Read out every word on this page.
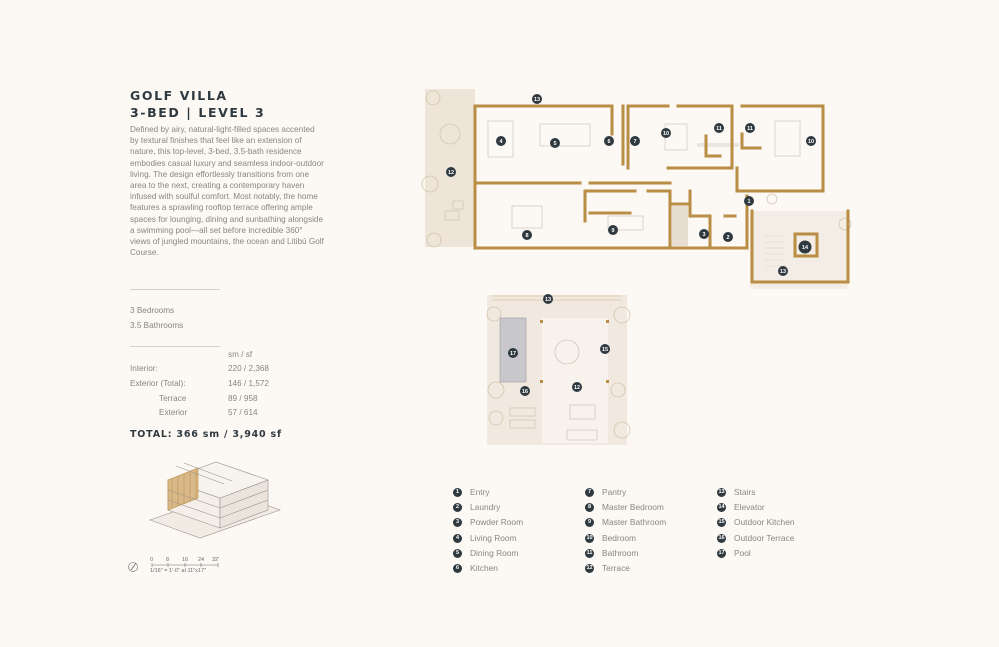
GOLF VILLA
3-BED | LEVEL 3
Defined by airy, natural-light-filled spaces accented by textural finishes that feel like an extension of nature, this top-level, 3-bed, 3.5-bath residence embodies casual luxury and seamless indoor-outdoor living. The design effortlessly transitions from one area to the next, creating a contemporary haven infused with soulful comfort. Most notably, the home features a sprawling rooftop terrace offering ample spaces for lounging, dining and sunbathing alongside a swimming pool—all set before incredible 360° views of jungled mountains, the ocean and Litibú Golf Course.
3 Bedrooms
3.5 Bathrooms
sm / sf
Interior:	220 / 2,368
Exterior (Total):	146 / 1,572
Terrace	89 / 958
Exterior	57 / 614
TOTAL: 366 sm / 3,940 sf
0 8 16 24 32'
1/16" = 1'-0" at 11"x17"
13
4	5	6	7
10
11	11
10
12
1
8
9
3	2
14
13
13
17
15
12
16
1	Entry
2	Laundry
3	Powder Room
4	Living Room
5	Dining Room
6	Kitchen
7	Pantry
8	Master Bedroom
9	Master Bathroom
10 Bedroom
11 Bathroom
12 Terrace
13 Stairs
14 Elevator
15 Outdoor Kitchen
16 Outdoor Terrace
17 Pool
